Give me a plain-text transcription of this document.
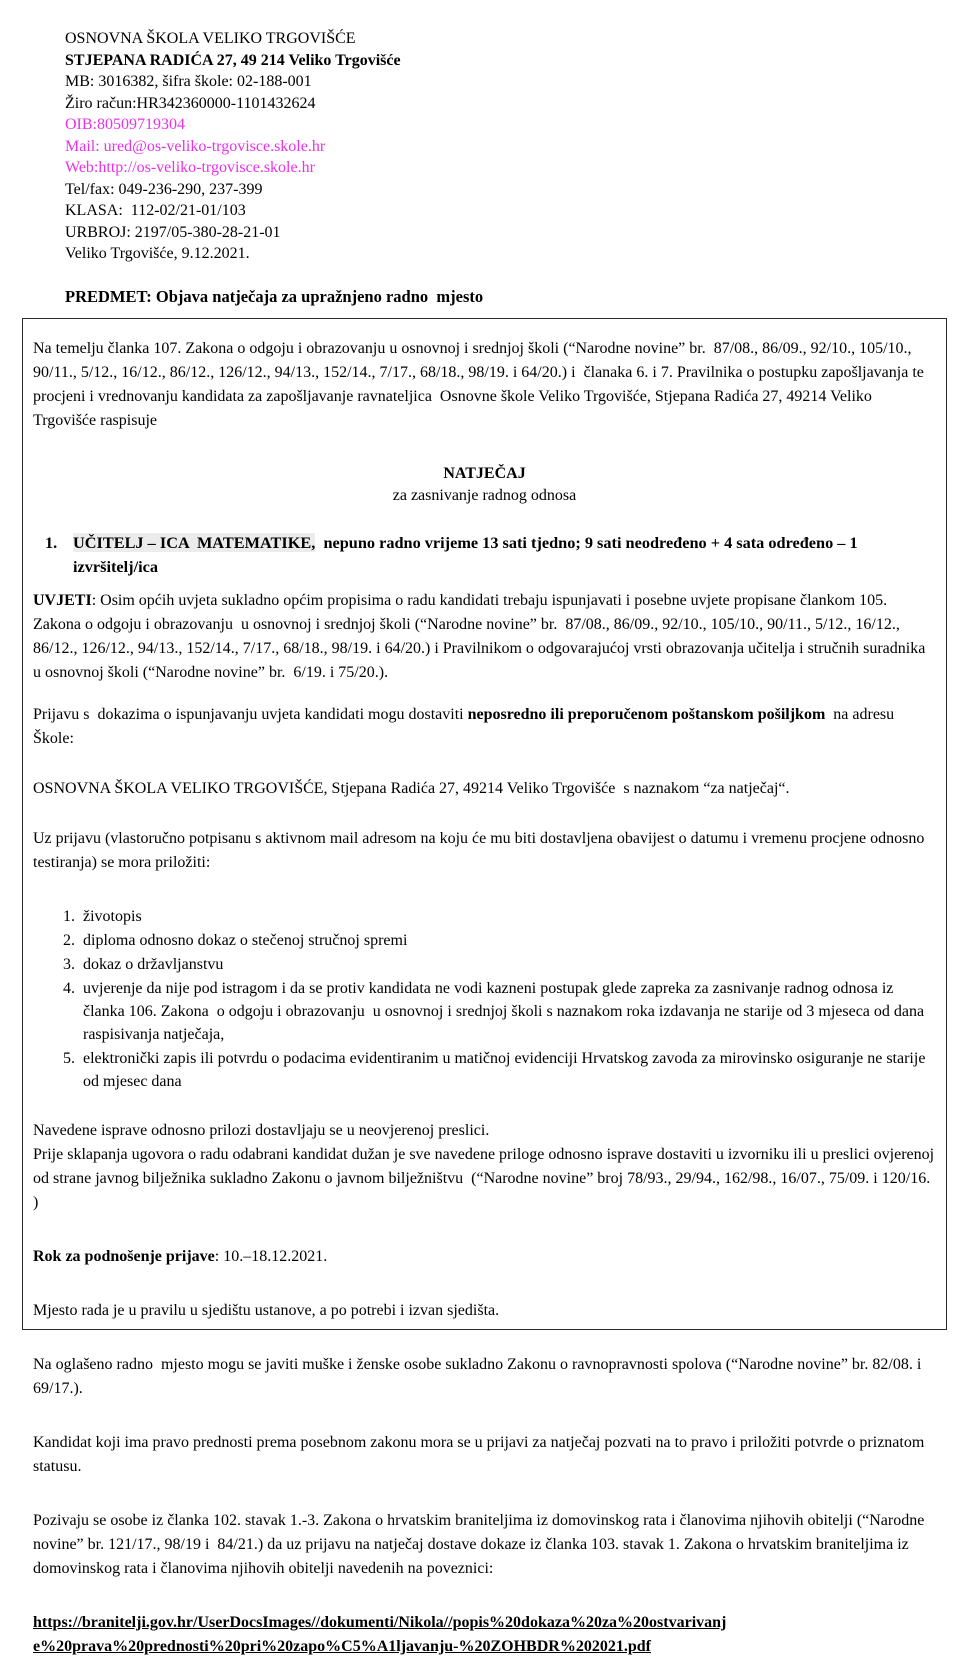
OSNOVNA ŠKOLA VELIKO TRGOVIŠĆE
STJEPANA RADIĆA 27, 49 214 Veliko Trgovišće
MB: 3016382, šifra škole: 02-188-001
Žiro račun:HR342360000-1101432624
OIB:80509719304
Mail: ured@os-veliko-trgovisce.skole.hr
Web:http://os-veliko-trgovisce.skole.hr
Tel/fax: 049-236-290, 237-399
KLASA:  112-02/21-01/103
URBROJ: 2197/05-380-28-21-01
Veliko Trgovišće, 9.12.2021.
PREDMET: Objava natječaja za upražnjeno radno  mjesto

Na temelju članka 107. Zakona o odgoju i obrazovanju u osnovnoj i srednjoj školi (“Narodne novine” br.  87/08., 86/09., 92/10., 105/10., 90/11., 5/12., 16/12., 86/12., 126/12., 94/13., 152/14., 7/17., 68/18., 98/19. i 64/20.) i  članaka 6. i 7. Pravilnika o postupku zapošljavanja te procjeni i vrednovanju kandidata za zapošljavanje ravnateljica  Osnovne škole Veliko Trgovišće, Stjepana Radića 27, 49214 Veliko Trgovišće raspisuje

NATJEČAJ

za zasnivanje radnog odnosa

1. UČITELJ – ICA  MATEMATIKE,  nepuno radno vrijeme 13 sati tjedno; 9 sati neodređeno + 4 sata određeno – 1 izvršitelj/ica

UVJETI: Osim općih uvjeta sukladno općim propisima o radu kandidati trebaju ispunjavati i posebne uvjete propisane člankom 105. Zakona o odgoju i obrazovanju  u osnovnoj i srednjoj školi (“Narodne novine” br.  87/08., 86/09., 92/10., 105/10., 90/11., 5/12., 16/12., 86/12., 126/12., 94/13., 152/14., 7/17., 68/18., 98/19. i 64/20.) i Pravilnikom o odgovarajućoj vrsti obrazovanja učitelja i stručnih suradnika u osnovnoj školi (“Narodne novine” br.  6/19. i 75/20.).

Prijavu s  dokazima o ispunjavanju uvjeta kandidati mogu dostaviti neposredno ili preporučenom poštanskom pošiljkom  na adresu Škole:

OSNOVNA ŠKOLA VELIKO TRGOVIŠĆE, Stjepana Radića 27, 49214 Veliko Trgovišće  s naznakom “za natječaj“.

Uz prijavu (vlastoručno potpisanu s aktivnom mail adresom na koju će mu biti dostavljena obavijest o datumu i vremenu procjene odnosno testiranja) se mora priložiti:

1. životopis
2. diploma odnosno dokaz o stečenoj stručnoj spremi
3. dokaz o državljanstvu
4. uvjerenje da nije pod istragom i da se protiv kandidata ne vodi kazneni postupak glede zapreka za zasnivanje radnog odnosa iz članka 106. Zakona  o odgoju i obrazovanju  u osnovnoj i srednjoj školi s naznakom roka izdavanja ne starije od 3 mjeseca od dana raspisivanja natječaja,
5. elektronički zapis ili potvrdu o podacima evidentiranim u matičnoj evidenciji Hrvatskog zavoda za mirovinsko osiguranje ne starije od mjesec dana

Navedene isprave odnosno prilozi dostavljaju se u neovjerenoj preslici.

Prije sklapanja ugovora o radu odabrani kandidat dužan je sve navedene priloge odnosno isprave dostaviti u izvorniku ili u preslici ovjerenoj od strane javnog bilježnika sukladno Zakonu o javnom bilježništvu  (“Narodne novine” broj 78/93., 29/94., 162/98., 16/07., 75/09. i 120/16. )

Rok za podnošenje prijave: 10.–18.12.2021.

Mjesto rada je u pravilu u sjedištu ustanove, a po potrebi i izvan sjedišta.

Na oglašeno radno  mjesto mogu se javiti muške i ženske osobe sukladno Zakonu o ravnopravnosti spolova (“Narodne novine” br. 82/08. i 69/17.).

Kandidat koji ima pravo prednosti prema posebnom zakonu mora se u prijavi za natječaj pozvati na to pravo i priložiti potvrde o priznatom statusu.

Pozivaju se osobe iz članka 102. stavak 1.-3. Zakona o hrvatskim braniteljima iz domovinskog rata i članovima njihovih obitelji (“Narodne novine” br. 121/17., 98/19 i  84/21.) da uz prijavu na natječaj dostave dokaze iz članka 103. stavak 1. Zakona o hrvatskim braniteljima iz domovinskog rata i članovima njihovih obitelji navedenih na poveznici:

https://branitelji.gov.hr/UserDocsImages//dokumenti/Nikola//popis%20dokaza%20za%20ostvarivanje%20prava%20prednosti%20pri%20zapo%C5%A1ljavanju-%20ZOHBDR%202021.pdf
